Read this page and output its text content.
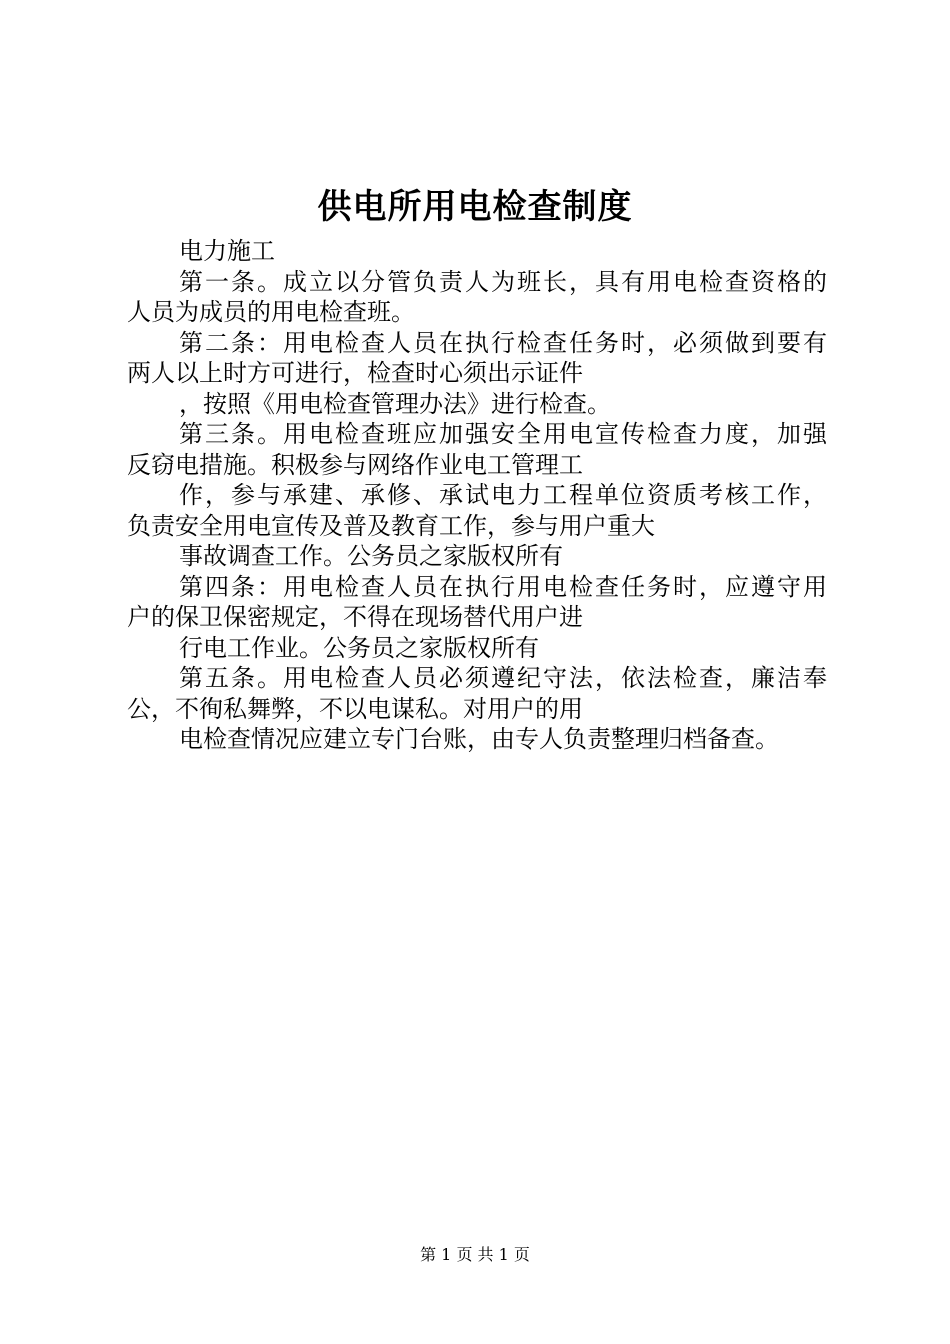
供电所用电检查制度
电力施工
第一条。成立以分管负责人为班长，具有用电检查资格的
人员为成员的用电检查班。
第二条：用电检查人员在执行检查任务时，必须做到要有
两人以上时方可进行，检查时心须出示证件
，按照《用电检查管理办法》进行检查。
第三条。用电检查班应加强安全用电宣传检查力度，加强
反窃电措施。积极参与网络作业电工管理工
作，参与承建、承修、承试电力工程单位资质考核工作，
负责安全用电宣传及普及教育工作，参与用户重大
事故调查工作。公务员之家版权所有
第四条：用电检查人员在执行用电检查任务时，应遵守用
户的保卫保密规定，不得在现场替代用户进
行电工作业。公务员之家版权所有
第五条。用电检查人员必须遵纪守法，依法检查，廉洁奉
公，不徇私舞弊，不以电谋私。对用户的用
电检查情况应建立专门台账，由专人负责整理归档备查。
第 1 页 共 1 页
